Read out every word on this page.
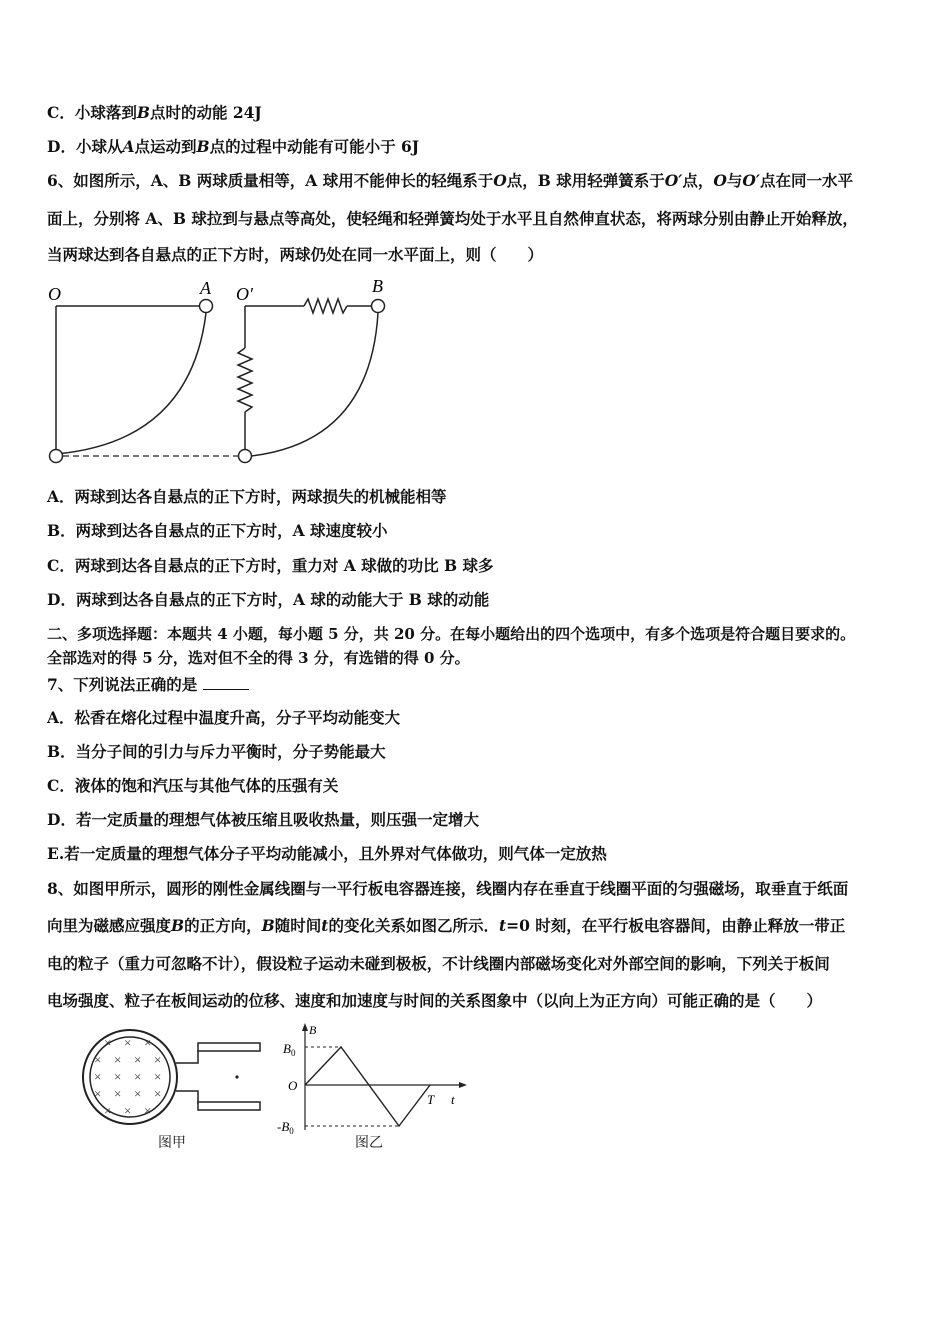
C．小球落到B点时的动能 24J
D．小球从A点运动到B点的过程中动能有可能小于 6J
6、如图所示，A、B 两球质量相等，A 球用不能伸长的轻绳系于O点，B 球用轻弹簧系于O′点，O与O′点在同一水平
面上，分别将 A、B 球拉到与悬点等高处，使轻绳和轻弹簧均处于水平且自然伸直状态，将两球分别由静止开始释放，
当两球达到各自悬点的正下方时，两球仍处在同一水平面上，则（　　）
O	A O′	B
A．两球到达各自悬点的正下方时，两球损失的机械能相等
B．两球到达各自悬点的正下方时，A 球速度较小
C．两球到达各自悬点的正下方时，重力对 A 球做的功比 B 球多
D．两球到达各自悬点的正下方时，A 球的动能大于 B 球的动能
二、多项选择题：本题共 4 小题，每小题 5 分，共 20 分。在每小题给出的四个选项中，有多个选项是符合题目要求的。
全部选对的得 5 分，选对但不全的得 3 分，有选错的得 0 分。
7、下列说法正确的是
A．松香在熔化过程中温度升高，分子平均动能变大
B．当分子间的引力与斥力平衡时，分子势能最大
C．液体的饱和汽压与其他气体的压强有关
D．若一定质量的理想气体被压缩且吸收热量，则压强一定增大
E.若一定质量的理想气体分子平均动能减小，且外界对气体做功，则气体一定放热
8、如图甲所示，圆形的刚性金属线圈与一平行板电容器连接，线圈内存在垂直于线圈平面的匀强磁场，取垂直于纸面
向里为磁感应强度B的正方向，B随时间t的变化关系如图乙所示．t=0 时刻，在平行板电容器间，由静止释放一带正
电的粒子（重力可忽略不计），假设粒子运动未碰到极板，不计线圈内部磁场变化对外部空间的影响，下列关于板间
电场强度、粒子在板间运动的位移、速度和加速度与时间的关系图象中（以向上为正方向）可能正确的是（　　）
× × ×
× × × ×
× × × ×
× × × ×
× × ×
图甲
B
$B_0$
O
$-B_0$
T t
图乙
